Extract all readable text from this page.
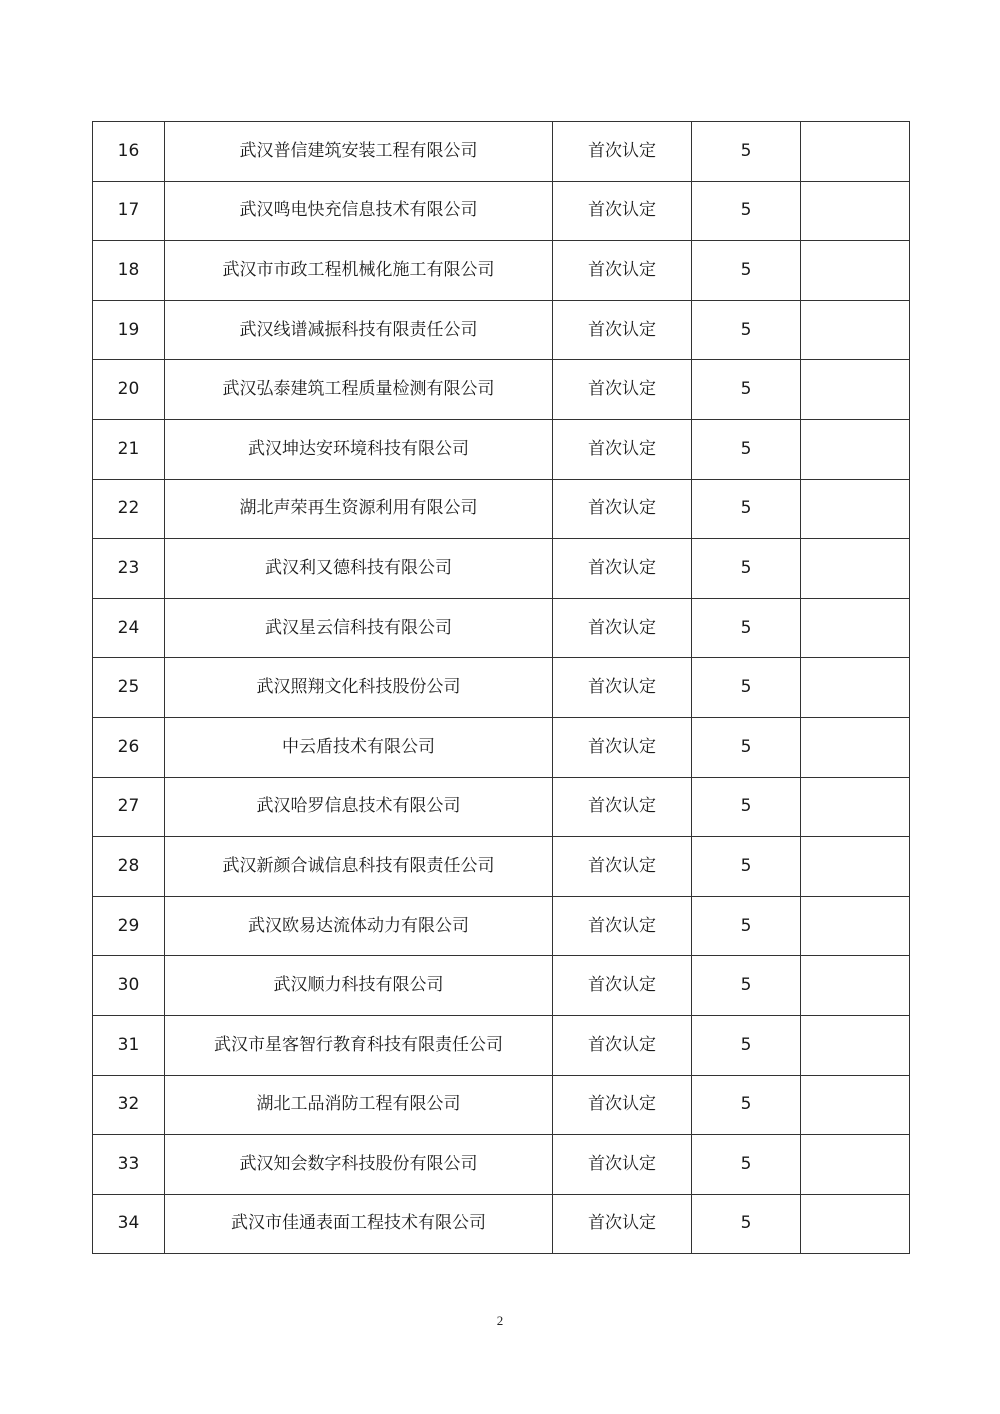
16	武汉普信建筑安装工程有限公司	首次认定	5	
17	武汉鸣电快充信息技术有限公司	首次认定	5	
18	武汉市市政工程机械化施工有限公司	首次认定	5	
19	武汉线谱减振科技有限责任公司	首次认定	5	
20	武汉弘泰建筑工程质量检测有限公司	首次认定	5	
21	武汉坤达安环境科技有限公司	首次认定	5	
22	湖北声荣再生资源利用有限公司	首次认定	5	
23	武汉利又德科技有限公司	首次认定	5	
24	武汉星云信科技有限公司	首次认定	5	
25	武汉照翔文化科技股份公司	首次认定	5	
26	中云盾技术有限公司	首次认定	5	
27	武汉哈罗信息技术有限公司	首次认定	5	
28	武汉新颜合诚信息科技有限责任公司	首次认定	5	
29	武汉欧易达流体动力有限公司	首次认定	5	
30	武汉顺力科技有限公司	首次认定	5	
31	武汉市星客智行教育科技有限责任公司	首次认定	5	
32	湖北工品消防工程有限公司	首次认定	5	
33	武汉知会数字科技股份有限公司	首次认定	5	
34	武汉市佳通表面工程技术有限公司	首次认定	5	
2
